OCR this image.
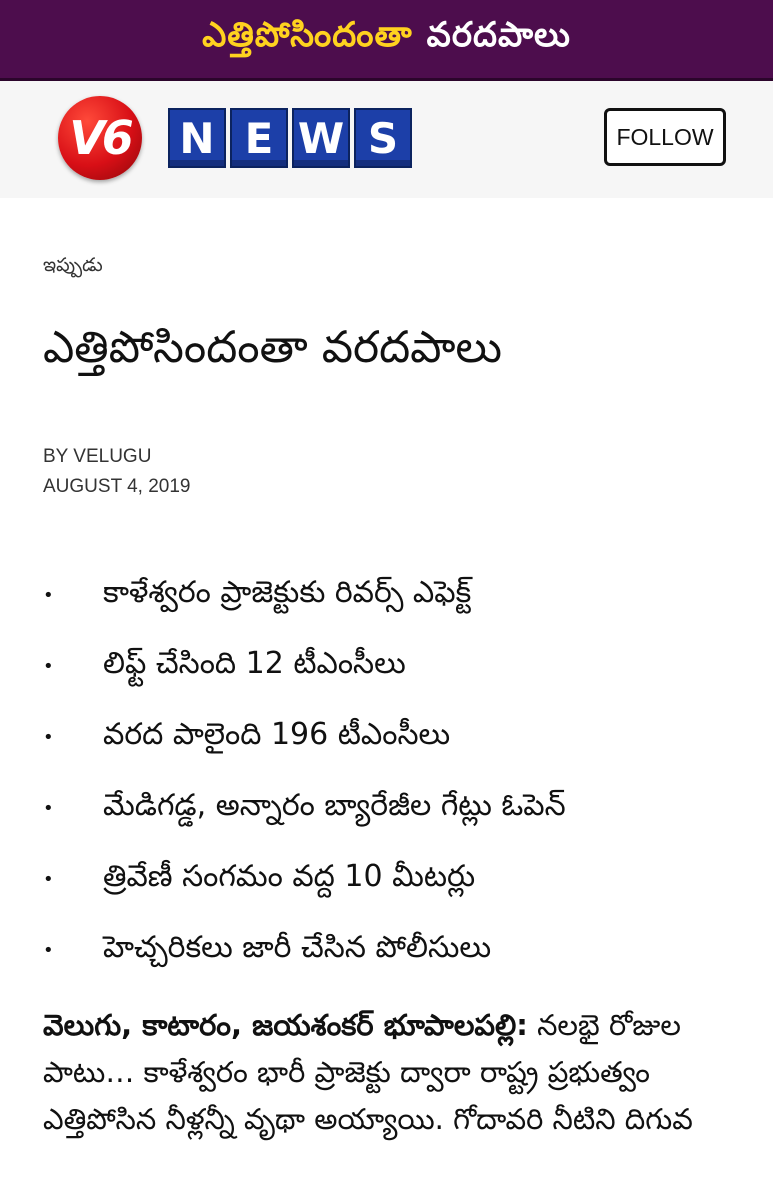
ఎత్తిపోసిందంతా వరదపాలు
V6 N E W S	FOLLOW
ఇప్పుడు
ఎత్తిపోసిందంతా వరదపాలు
BY VELUGU
AUGUST 4, 2019
•	కాళేశ్వరం ప్రాజెక్టుకు రివర్స్ ఎఫెక్ట్
•	లిఫ్ట్ చేసింది 12 టీఎంసీలు
•	వరద పాలైంది 196 టీఎంసీలు
•	మేడిగడ్డ, అన్నారం బ్యారేజీల గేట్లు ఓపెన్
•	త్రివేణీ సంగమం వద్ద 10 మీటర్లు
•	హెచ్చరికలు జారీ చేసిన పోలీసులు
వెలుగు, కాటారం, జయశంకర్ భూపాలపల్లి: నలభై రోజుల పాటు… కాళేశ్వరం భారీ ప్రాజెక్టు ద్వారా రాష్ట్ర ప్రభుత్వం ఎత్తిపోసిన నీళ్లన్నీ వృథా అయ్యాయి. గోదావరి నీటిని దిగువ
